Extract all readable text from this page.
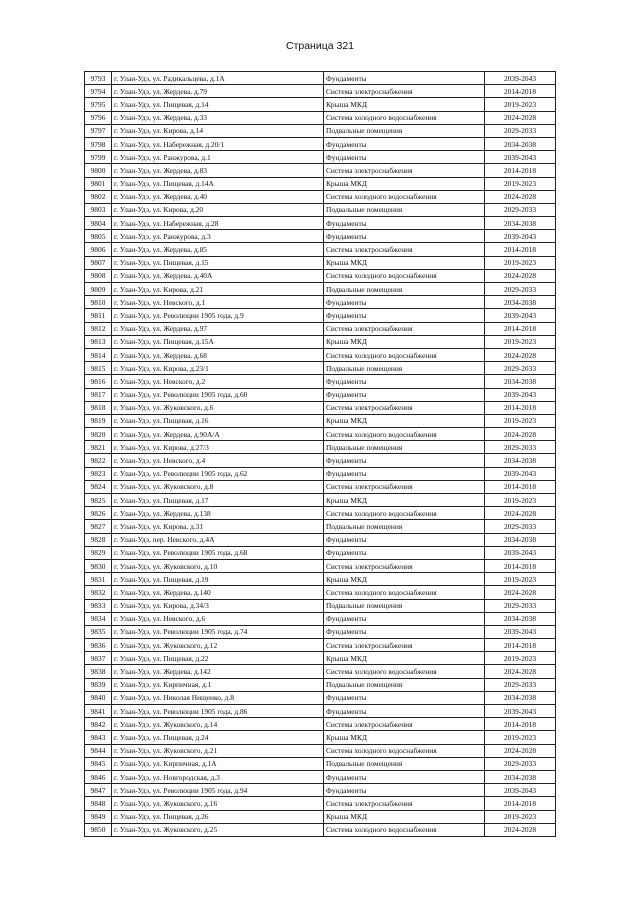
Страница 321
9793	г. Улан-Удэ, ул. Радикальцева, д.1А	Фундаменты	2039-2043
9794	г. Улан-Удэ, ул. Жердева, д.79	Система электроснабжения	2014-2018
9795	г. Улан-Удэ, ул. Пищевая, д.14	Крыша МКД	2019-2023
9796	г. Улан-Удэ, ул. Жердева, д.33	Система холодного водоснабжения	2024-2028
9797	г. Улан-Удэ, ул. Кирова, д.14	Подвальные помещения	2029-2033
9798	г. Улан-Удэ, ул. Набережная, д.20/1	Фундаменты	2034-2038
9799	г. Улан-Удэ, ул. Ранжурова, д.1	Фундаменты	2039-2043
9800	г. Улан-Удэ, ул. Жердева, д.83	Система электроснабжения	2014-2018
9801	г. Улан-Удэ, ул. Пищевая, д.14А	Крыша МКД	2019-2023
9802	г. Улан-Удэ, ул. Жердева, д.40	Система холодного водоснабжения	2024-2028
9803	г. Улан-Удэ, ул. Кирова, д.20	Подвальные помещения	2029-2033
9804	г. Улан-Удэ, ул. Набережная, д.28	Фундаменты	2034-2038
9805	г. Улан-Удэ, ул. Ранжурова, д.3	Фундаменты	2039-2043
9806	г. Улан-Удэ, ул. Жердева, д.85	Система электроснабжения	2014-2018
9807	г. Улан-Удэ, ул. Пищевая, д.15	Крыша МКД	2019-2023
9808	г. Улан-Удэ, ул. Жердева, д.40А	Система холодного водоснабжения	2024-2028
9809	г. Улан-Удэ, ул. Кирова, д.21	Подвальные помещения	2029-2033
9810	г. Улан-Удэ, ул. Невского, д.1	Фундаменты	2034-2038
9811	г. Улан-Удэ, ул. Революции 1905 года, д.9	Фундаменты	2039-2043
9812	г. Улан-Удэ, ул. Жердева, д.97	Система электроснабжения	2014-2018
9813	г. Улан-Удэ, ул. Пищевая, д.15А	Крыша МКД	2019-2023
9814	г. Улан-Удэ, ул. Жердева, д.68	Система холодного водоснабжения	2024-2028
9815	г. Улан-Удэ, ул. Кирова, д.23/1	Подвальные помещения	2029-2033
9816	г. Улан-Удэ, ул. Невского, д.2	Фундаменты	2034-2038
9817	г. Улан-Удэ, ул. Революции 1905 года, д.60	Фундаменты	2039-2043
9818	г. Улан-Удэ, ул. Жуковского, д.6	Система электроснабжения	2014-2018
9819	г. Улан-Удэ, ул. Пищевая, д.16	Крыша МКД	2019-2023
9820	г. Улан-Удэ, ул. Жердева, д.90А/А	Система холодного водоснабжения	2024-2028
9821	г. Улан-Удэ, ул. Кирова, д.27/3	Подвальные помещения	2029-2033
9822	г. Улан-Удэ, ул. Невского, д.4	Фундаменты	2034-2038
9823	г. Улан-Удэ, ул. Революции 1905 года, д.62	Фундаменты	2039-2043
9824	г. Улан-Удэ, ул. Жуковского, д.8	Система электроснабжения	2014-2018
9825	г. Улан-Удэ, ул. Пищевая, д.17	Крыша МКД	2019-2023
9826	г. Улан-Удэ, ул. Жердева, д.138	Система холодного водоснабжения	2024-2028
9827	г. Улан-Удэ, ул. Кирова, д.31	Подвальные помещения	2029-2033
9828	г. Улан-Удэ, пер. Невского, д.4А	Фундаменты	2034-2038
9829	г. Улан-Удэ, ул. Революции 1905 года, д.68	Фундаменты	2039-2043
9830	г. Улан-Удэ, ул. Жуковского, д.10	Система электроснабжения	2014-2018
9831	г. Улан-Удэ, ул. Пищевая, д.19	Крыша МКД	2019-2023
9832	г. Улан-Удэ, ул. Жердева, д.140	Система холодного водоснабжения	2024-2028
9833	г. Улан-Удэ, ул. Кирова, д.34/3	Подвальные помещения	2029-2033
9834	г. Улан-Удэ, ул. Невского, д.6	Фундаменты	2034-2038
9835	г. Улан-Удэ, ул. Революции 1905 года, д.74	Фундаменты	2039-2043
9836	г. Улан-Удэ, ул. Жуковского, д.12	Система электроснабжения	2014-2018
9837	г. Улан-Удэ, ул. Пищевая, д.22	Крыша МКД	2019-2023
9838	г. Улан-Удэ, ул. Жердева, д.142	Система холодного водоснабжения	2024-2028
9839	г. Улан-Удэ, ул. Кирпичная, д.1	Подвальные помещения	2029-2033
9840	г. Улан-Удэ, ул. Николая Нищенко, д.8	Фундаменты	2034-2038
9841	г. Улан-Удэ, ул. Революции 1905 года, д.86	Фундаменты	2039-2043
9842	г. Улан-Удэ, ул. Жуковского, д.14	Система электроснабжения	2014-2018
9843	г. Улан-Удэ, ул. Пищевая, д.24	Крыша МКД	2019-2023
9844	г. Улан-Удэ, ул. Жуковского, д.21	Система холодного водоснабжения	2024-2028
9845	г. Улан-Удэ, ул. Кирпичная, д.1А	Подвальные помещения	2029-2033
9846	г. Улан-Удэ, ул. Новгородская, д.3	Фундаменты	2034-2038
9847	г. Улан-Удэ, ул. Революции 1905 года, д.94	Фундаменты	2039-2043
9848	г. Улан-Удэ, ул. Жуковского, д.16	Система электроснабжения	2014-2018
9849	г. Улан-Удэ, ул. Пищевая, д.26	Крыша МКД	2019-2023
9850	г. Улан-Удэ, ул. Жуковского, д.25	Система холодного водоснабжения	2024-2028
